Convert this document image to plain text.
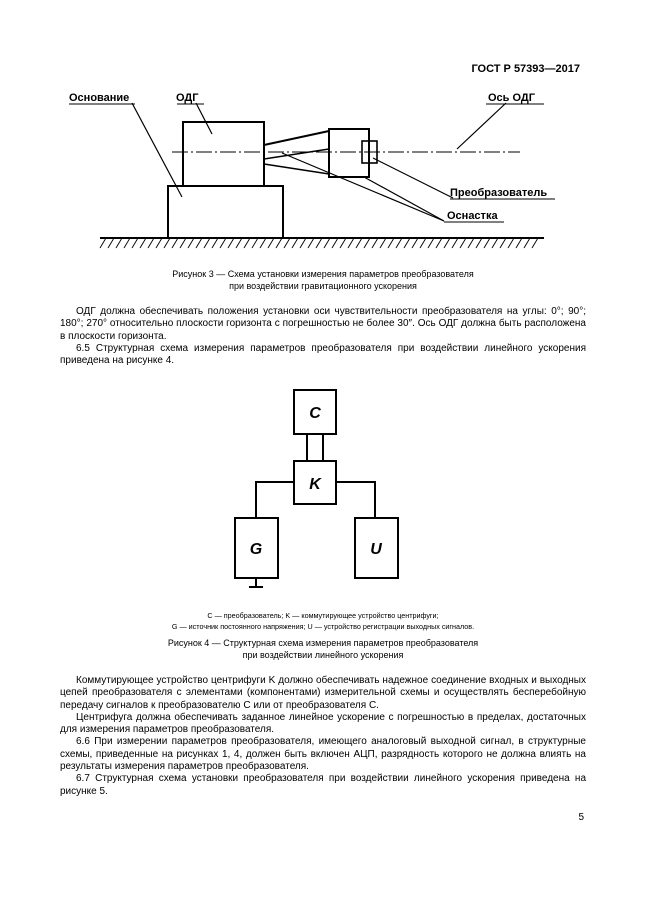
ГОСТ Р 57393—2017
Основание	ОДГ	Ось ОДГ
Преобразователь
Оснастка
Рисунок 3 — Схема установки измерения параметров преобразователя
при воздействии гравитационного ускорения

ОДГ должна обеспечивать положения установки оси чувствительности преобразователя на углы: 0°; 90°; 180°; 270° относительно плоскости горизонта с погрешностью не более 30″. Ось ОДГ должна быть расположена в плоскости горизонта.

6.5 Структурная схема измерения параметров преобразователя при воздействии линейного ускорения приведена на рисунке 4.

C
K
G	U
C — преобразователь; K — коммутирующее устройство центрифуги;
G — источник постоянного напряжения; U — устройство регистрации выходных сигналов.
Рисунок 4 — Структурная схема измерения параметров преобразователя
при воздействии линейного ускорения

Коммутирующее устройство центрифуги K должно обеспечивать надежное соединение входных и выходных цепей преобразователя с элементами (компонентами) измерительной схемы и осуществлять бесперебойную передачу сигналов к преобразователю C или от преобразователя C.

Центрифуга должна обеспечивать заданное линейное ускорение с погрешностью в пределах, достаточных для измерения параметров преобразователя.

6.6 При измерении параметров преобразователя, имеющего аналоговый выходной сигнал, в структурные схемы, приведенные на рисунках 1, 4, должен быть включен АЦП, разрядность которого не должна влиять на результаты измерения параметров преобразователя.

6.7 Структурная схема установки преобразователя при воздействии линейного ускорения приведена на рисунке 5.

5
